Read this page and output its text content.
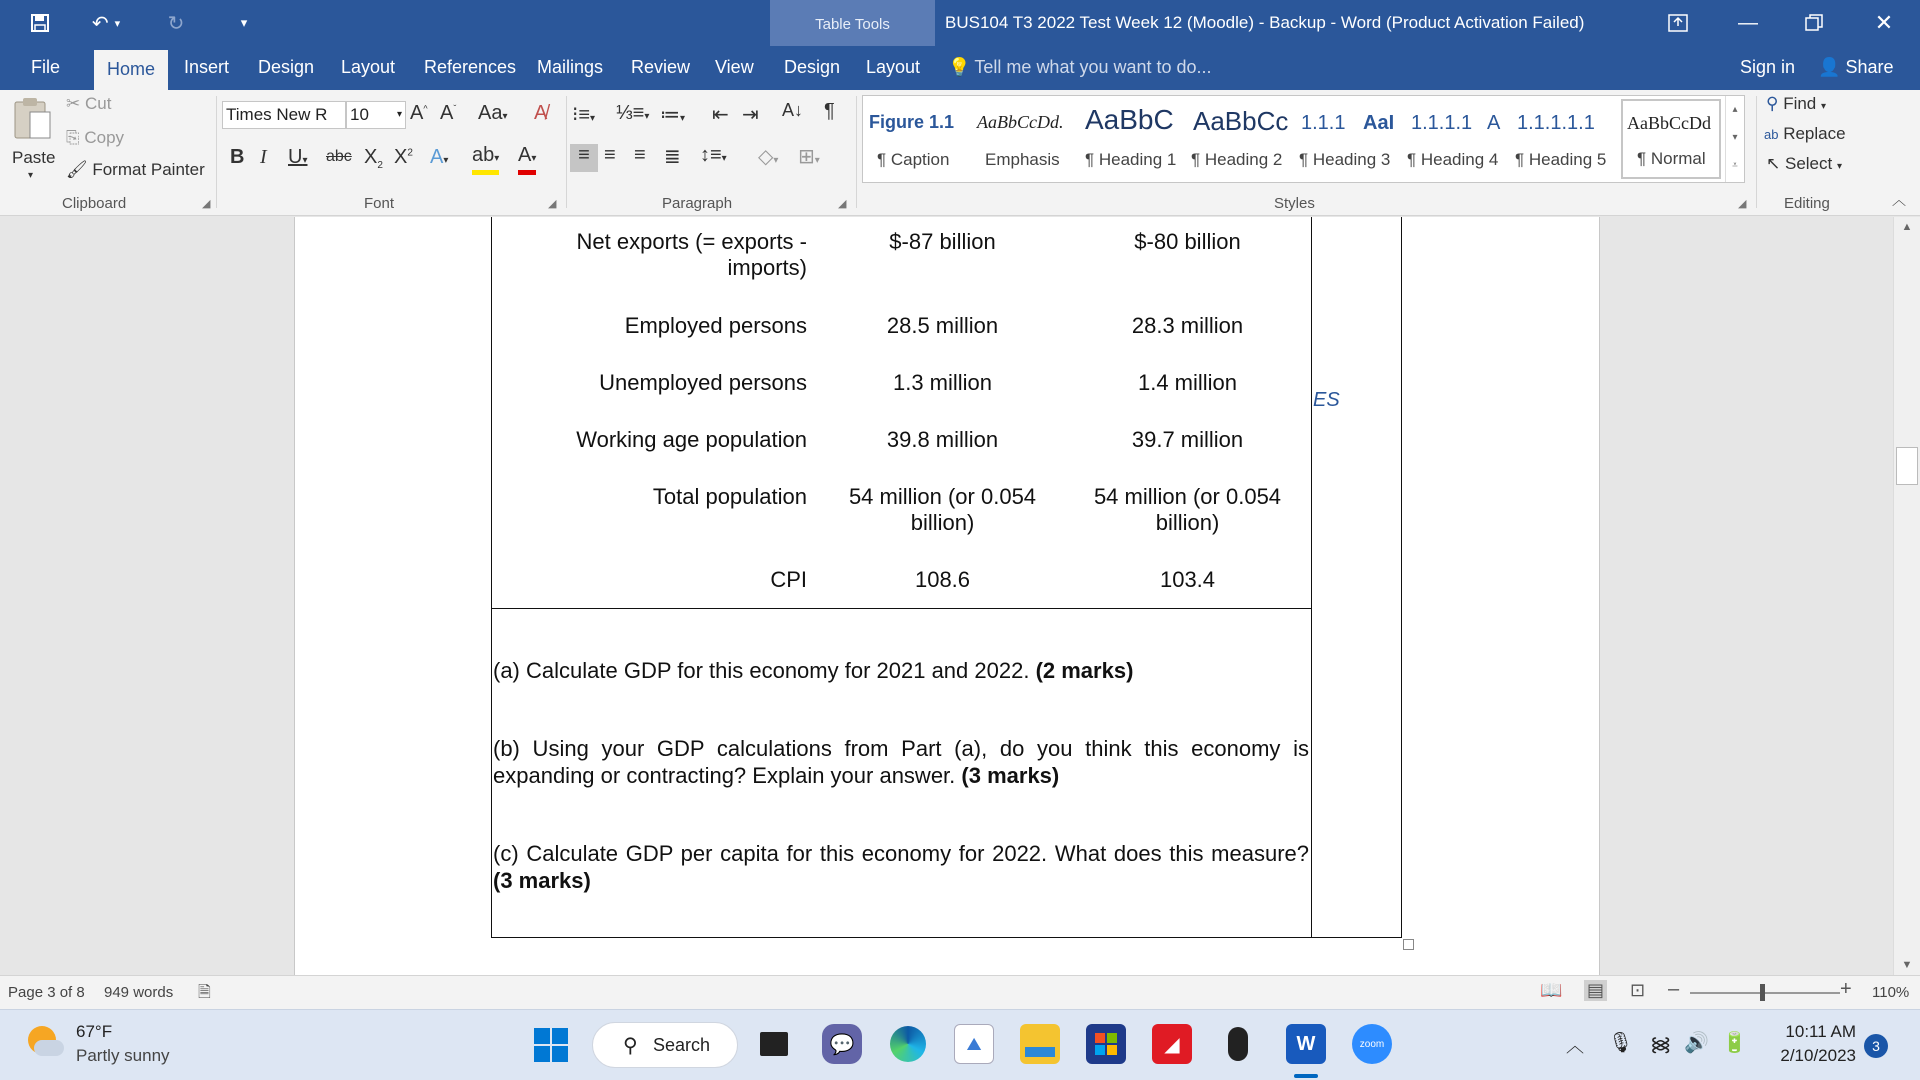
↶ ▾	↻	▾	Table Tools	BUS104 T3 2022 Test Week 12 (Moodle) - Backup - Word (Product Activation Failed)	—	✕
File	Home	Insert Design Layout References Mailings Review View Design Layout 💡 Tell me what you want to do...	Sign in 👤 Share
Paste
▾
✂ Cut
⎘ Copy
🖌 Format Painter
Clipboard	◢
Times New R	10	▾ A^ $A^ˇ$ Aa▾ A̸
B I U▾ abc $X_2$ $X^2$ A▾ ab▾ A▾
Font	◢
⁝≡▾ ⅓≡▾ ≔▾ ⇤ ⇥ A↓ ¶
≡ ≡ ≡ ≣ ↕≡▾ ◇▾ ⊞▾
Paragraph	◢
Figure 1.1
¶ Caption
AaBbCcDd.
Emphasis
AaBbC
¶ Heading 1
AaBbCc
¶ Heading 2
1.1.1
¶ Heading 3
AaI 1.1.1.1
¶ Heading 4
A 1.1.1.1.1
¶ Heading 5
AaBbCcDd
¶ Normal
▴
▾
⩡
Styles	◢
⚲ Find ▾
ab Replace
↖ Select ▾
Editing	︿
Net exports (= exports - imports)
$-87 billion	$-80 billion
Employed persons	28.5 million	28.3 million
Unemployed persons	1.3 million	1.4 million
ES
Working age population	39.8 million	39.7 million
Total population	54 million (or 0.054 billion)
54 million (or 0.054 billion)
CPI	108.6	103.4
(a) Calculate GDP for this economy for 2021 and 2022. (2 marks)
(b) Using your GDP calculations from Part (a), do you think this economy is expanding or contracting? Explain your answer. (3 marks)
(c) Calculate GDP per capita for this economy for 2022. What does this measure? (3 marks)
▲
▼
Page 3 of 8 949 words 🗎	📖 ▤ ⊡ –	+ 110%
67°F
Partly sunny	⚲ Search	💬	⛰	◢	W	zoom	︿ 🎙 ᯼ 🔊 🔋
10:11 AM
2/10/2023	3
